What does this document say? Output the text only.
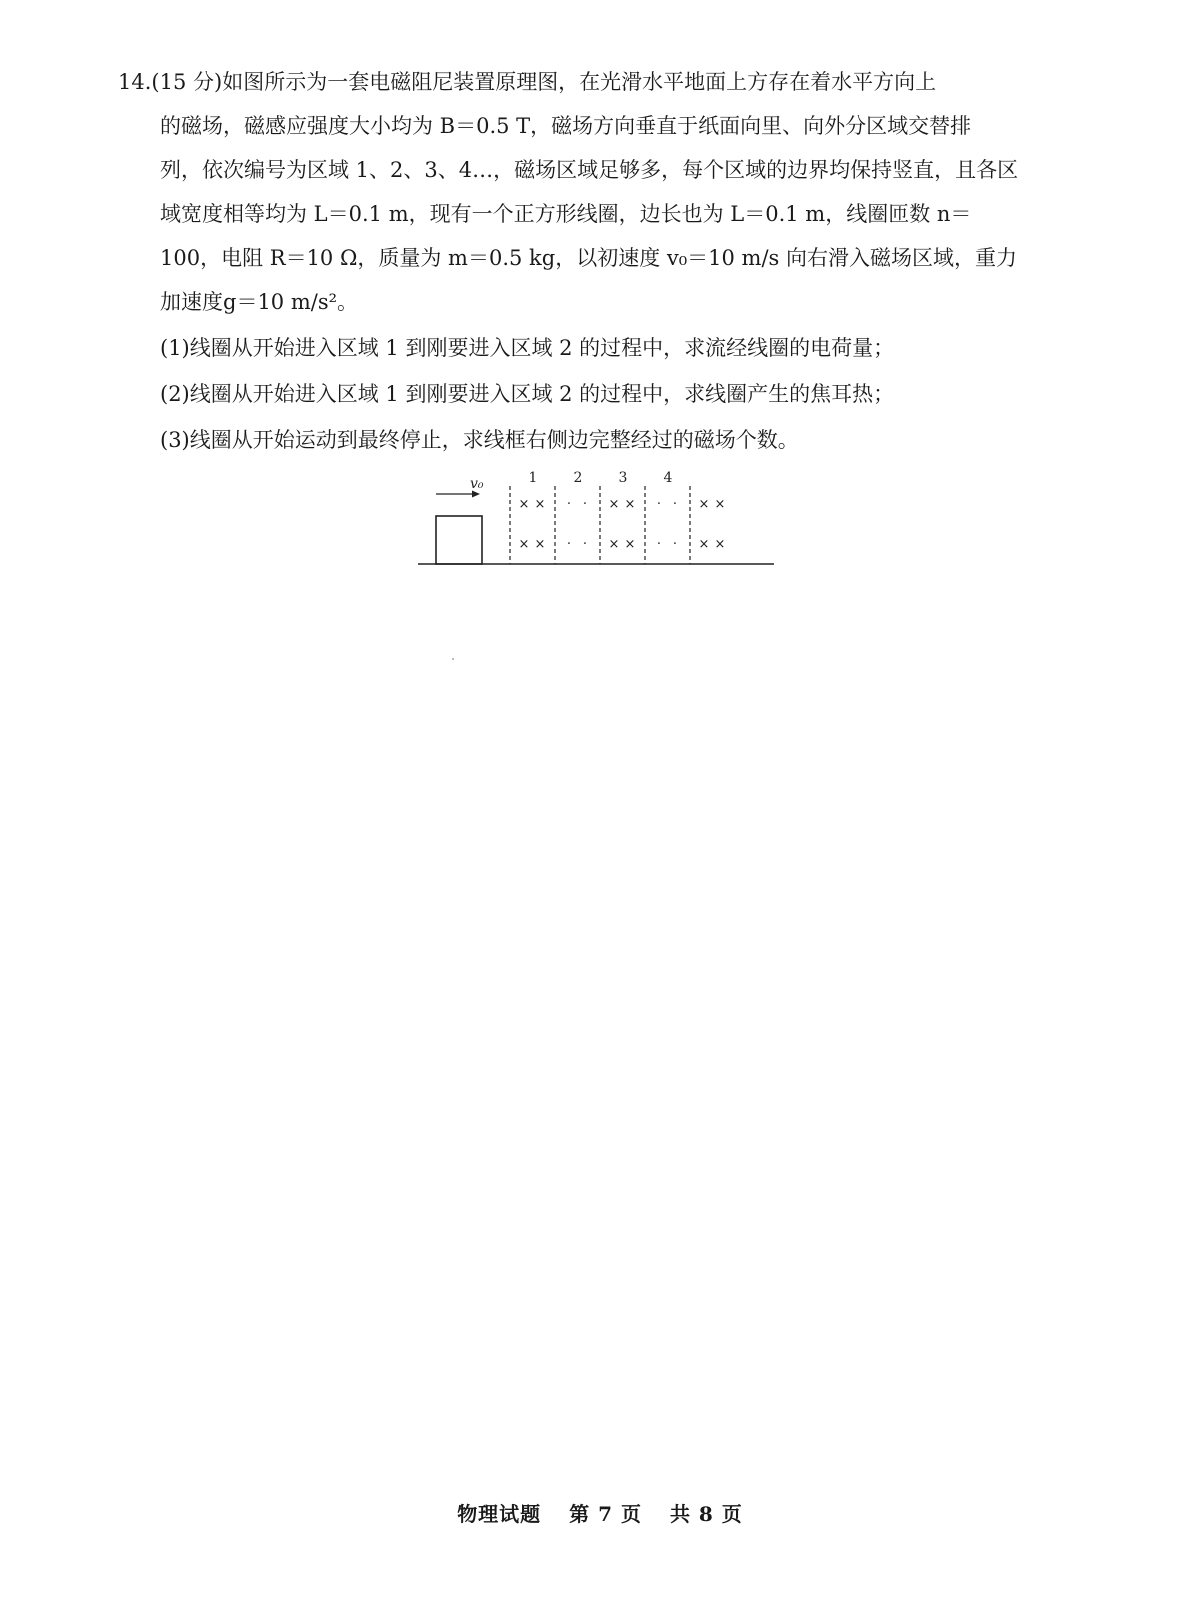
14.(15 分)如图所示为一套电磁阻尼装置原理图，在光滑水平地面上方存在着水平方向上
的磁场，磁感应强度大小均为 B＝0.5 T，磁场方向垂直于纸面向里、向外分区域交替排
列，依次编号为区域 1、2、3、4…，磁场区域足够多，每个区域的边界均保持竖直，且各区
域宽度相等均为 L＝0.1 m，现有一个正方形线圈，边长也为 L＝0.1 m，线圈匝数 n＝
100，电阻 R＝10 Ω，质量为 m＝0.5 kg，以初速度 v₀＝10 m/s 向右滑入磁场区域，重力
加速度g＝10 m/s²。
(1)线圈从开始进入区域 1 到刚要进入区域 2 的过程中，求流经线圈的电荷量；
(2)线圈从开始进入区域 1 到刚要进入区域 2 的过程中，求线圈产生的焦耳热；
(3)线圈从开始运动到最终停止，求线框右侧边完整经过的磁场个数。
v₀	1	2	3	4
× ×
× ×
· ·
· ·
× ×
× ×
· ·
· ·
× ×
× ×
物理试题 第 7 页 共 8 页
